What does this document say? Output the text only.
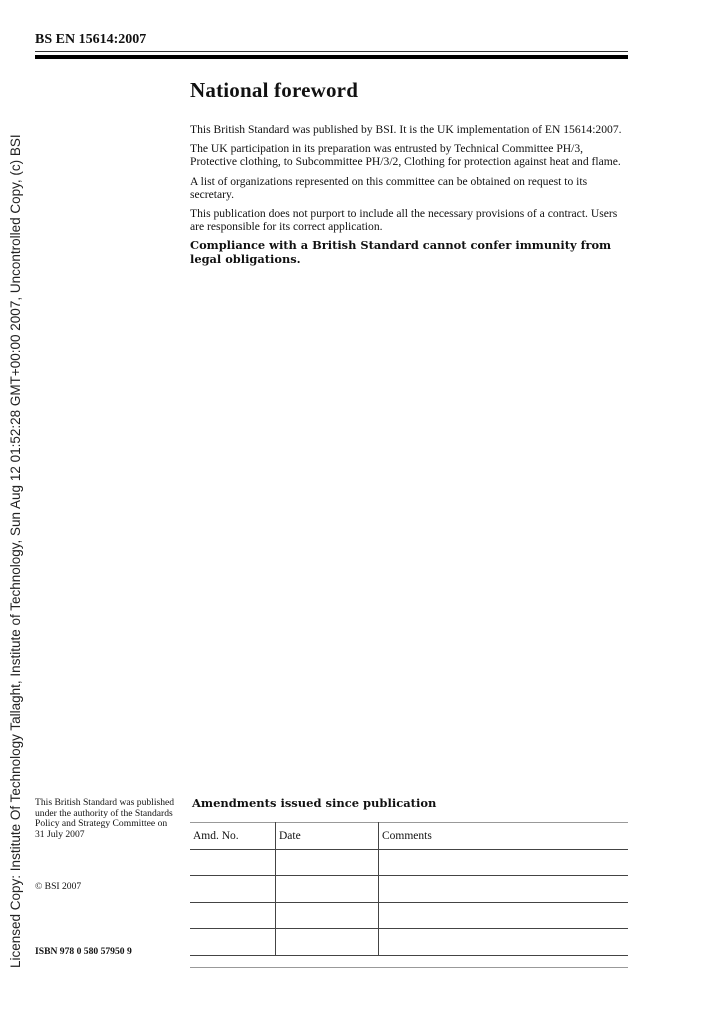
BS EN 15614:2007
Licensed Copy: Institute Of Technology Tallaght, Institute of Technology, Sun Aug 12 01:52:28 GMT+00:00 2007, Uncontrolled Copy, (c) BSI
National foreword

This British Standard was published by BSI. It is the UK implementation of EN 15614:2007.

The UK participation in its preparation was entrusted by Technical Committee PH/3, Protective clothing, to Subcommittee PH/3/2, Clothing for protection against heat and flame.

A list of organizations represented on this committee can be obtained on request to its secretary.

This publication does not purport to include all the necessary provisions of a contract. Users are responsible for its correct application.

Compliance with a British Standard cannot confer immunity from legal obligations.

This British Standard was published under the authority of the Standards Policy and Strategy Committee on 31 July 2007
© BSI 2007
ISBN 978 0 580 57950 9
Amendments issued since publication
Amd. No.	Date	Comments
